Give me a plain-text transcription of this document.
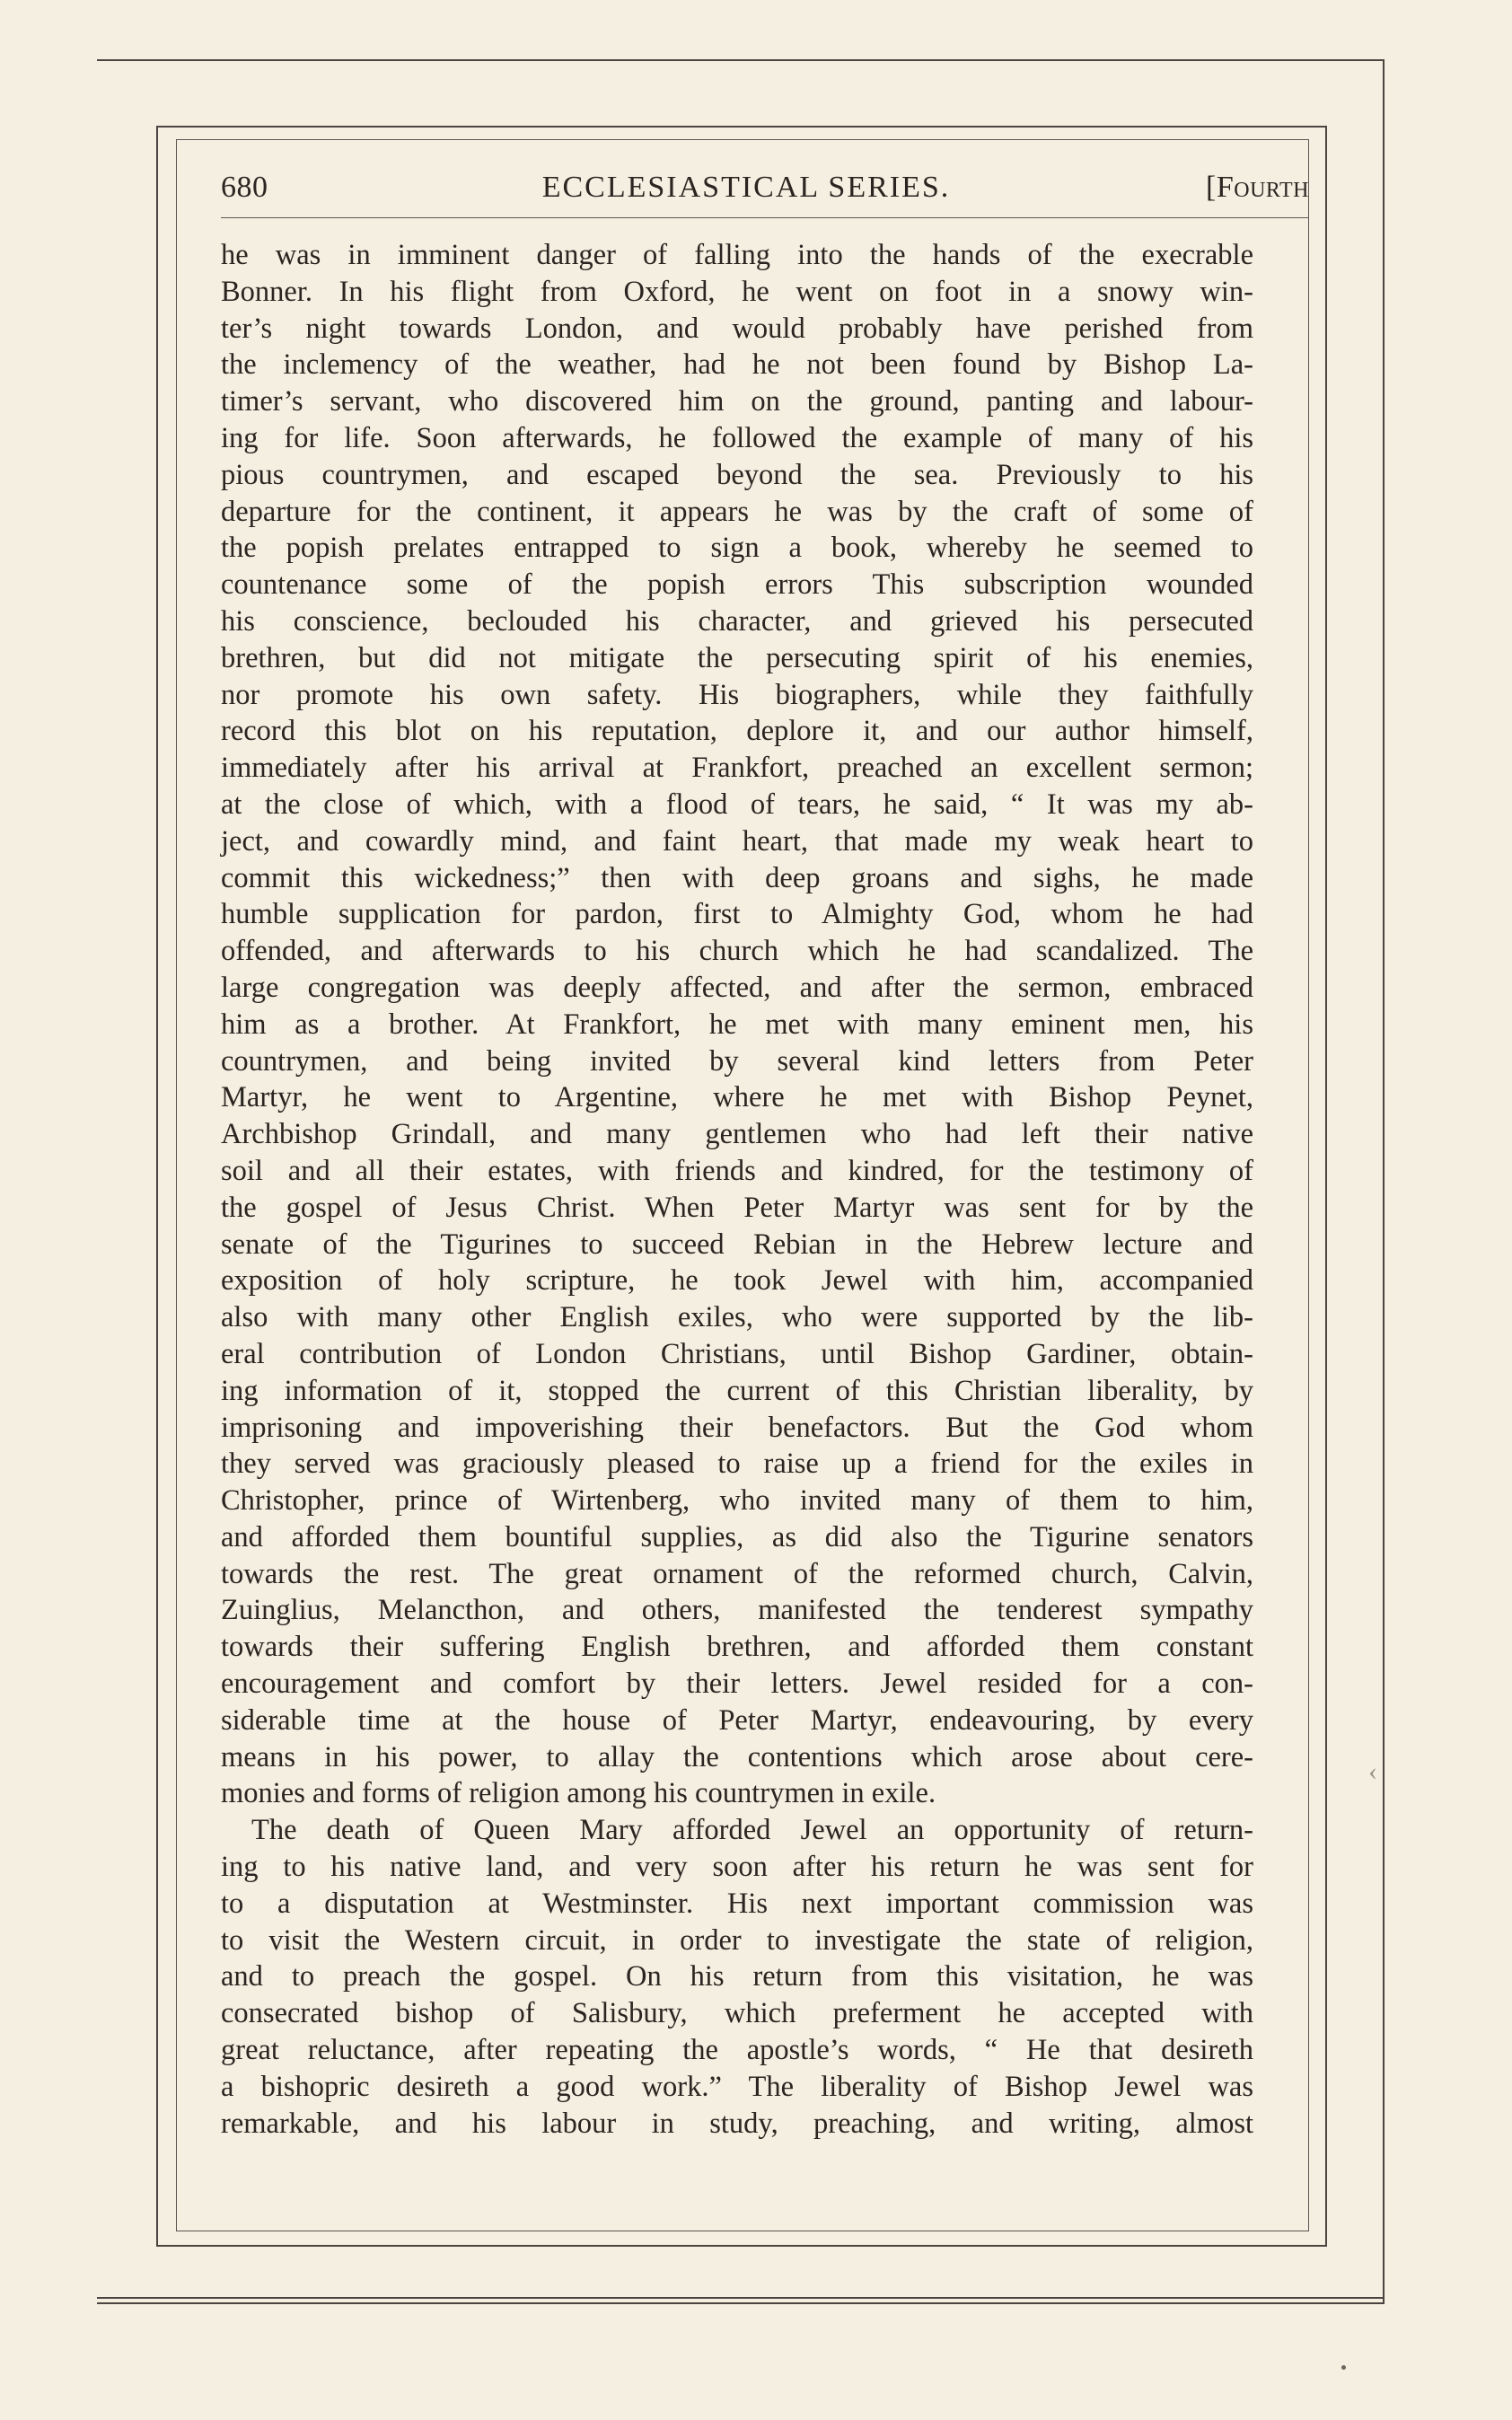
‹
680	ECCLESIASTICAL SERIES.	[Fourth
he was in imminent danger of falling into the hands of the execrable
Bonner. In his flight from Oxford, he went on foot in a snowy win-
ter’s night towards London, and would probably have perished from
the inclemency of the weather, had he not been found by Bishop La-
timer’s servant, who discovered him on the ground, panting and labour-
ing for life. Soon afterwards, he followed the example of many of his
pious countrymen, and escaped beyond the sea. Previously to his
departure for the continent, it appears he was by the craft of some of
the popish prelates entrapped to sign a book, whereby he seemed to
countenance some of the popish errors This subscription wounded
his conscience, beclouded his character, and grieved his persecuted
brethren, but did not mitigate the persecuting spirit of his enemies,
nor promote his own safety. His biographers, while they faithfully
record this blot on his reputation, deplore it, and our author himself,
immediately after his arrival at Frankfort, preached an excellent sermon;
at the close of which, with a flood of tears, he said, “ It was my ab-
ject, and cowardly mind, and faint heart, that made my weak heart to
commit this wickedness;” then with deep groans and sighs, he made
humble supplication for pardon, first to Almighty God, whom he had
offended, and afterwards to his church which he had scandalized. The
large congregation was deeply affected, and after the sermon, embraced
him as a brother. At Frankfort, he met with many eminent men, his
countrymen, and being invited by several kind letters from Peter
Martyr, he went to Argentine, where he met with Bishop Peynet,
Archbishop Grindall, and many gentlemen who had left their native
soil and all their estates, with friends and kindred, for the testimony of
the gospel of Jesus Christ. When Peter Martyr was sent for by the
senate of the Tigurines to succeed Rebian in the Hebrew lecture and
exposition of holy scripture, he took Jewel with him, accompanied
also with many other English exiles, who were supported by the lib-
eral contribution of London Christians, until Bishop Gardiner, obtain-
ing information of it, stopped the current of this Christian liberality, by
imprisoning and impoverishing their benefactors. But the God whom
they served was graciously pleased to raise up a friend for the exiles in
Christopher, prince of Wirtenberg, who invited many of them to him,
and afforded them bountiful supplies, as did also the Tigurine senators
towards the rest. The great ornament of the reformed church, Calvin,
Zuinglius, Melancthon, and others, manifested the tenderest sympathy
towards their suffering English brethren, and afforded them constant
encouragement and comfort by their letters. Jewel resided for a con-
siderable time at the house of Peter Martyr, endeavouring, by every
means in his power, to allay the contentions which arose about cere-
monies and forms of religion among his countrymen in exile.
The death of Queen Mary afforded Jewel an opportunity of return-
ing to his native land, and very soon after his return he was sent for
to a disputation at Westminster. His next important commission was
to visit the Western circuit, in order to investigate the state of religion,
and to preach the gospel. On his return from this visitation, he was
consecrated bishop of Salisbury, which preferment he accepted with
great reluctance, after repeating the apostle’s words, “ He that desireth
a bishopric desireth a good work.” The liberality of Bishop Jewel was
remarkable, and his labour in study, preaching, and writing, almost
